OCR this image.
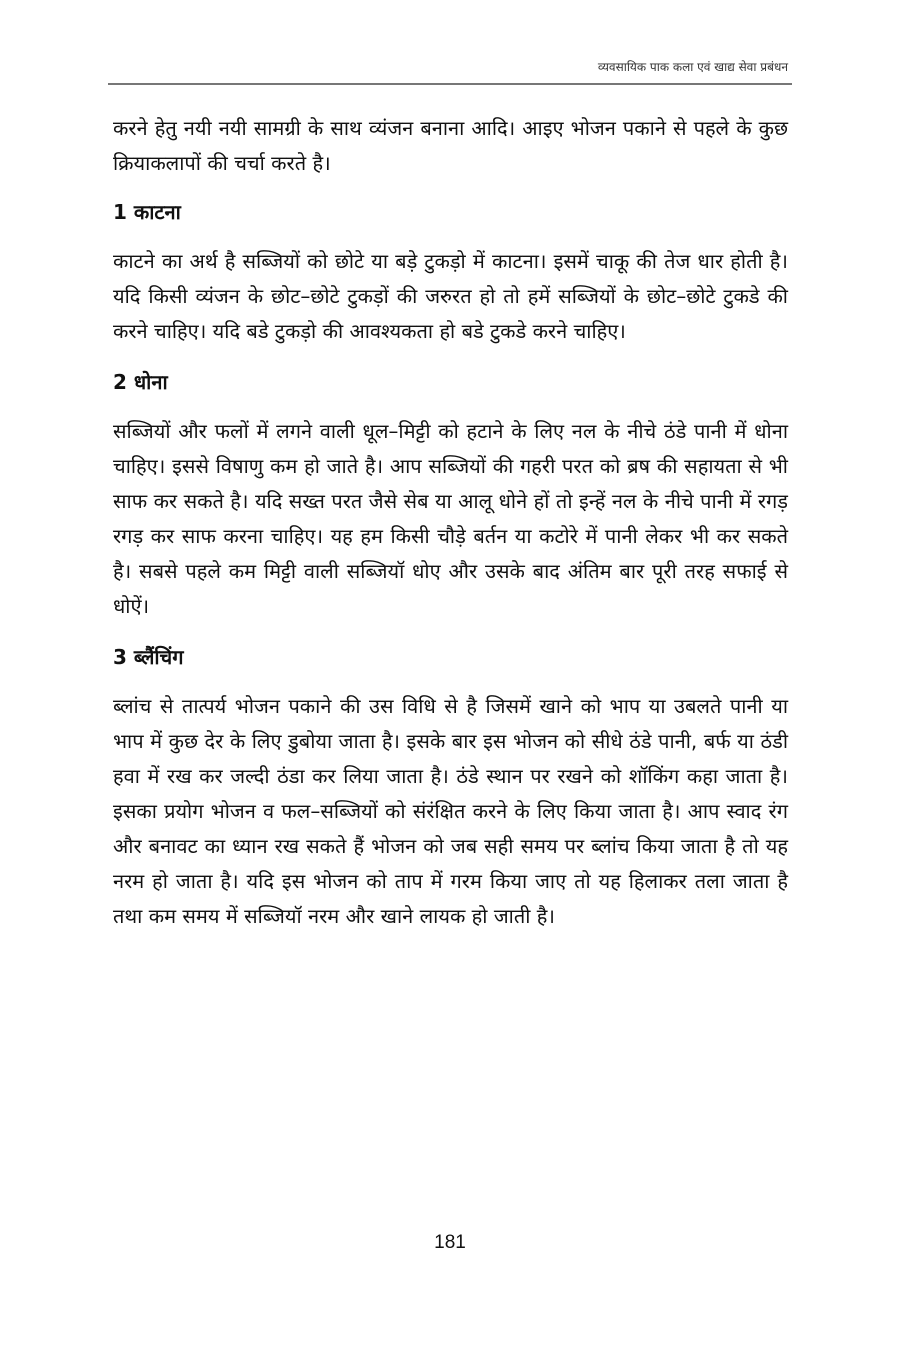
व्यवसायिक पाक कला एवं खाद्य सेवा प्रबंधन

करने हेतु नयी नयी सामग्री के साथ व्यंजन बनाना आदि। आइए भोजन पकाने से पहले के कुछ क्रियाकलापों की चर्चा करते है।

1 काटना

काटने का अर्थ है सब्जियों को छोटे या बड़े टुकड़ो में काटना। इसमें चाकू की तेज धार होती है। यदि किसी व्यंजन के छोट–छोटे टुकड़ों की जरुरत हो तो हमें सब्जियों के छोट–छोटे टुकडे की करने चाहिए। यदि बडे टुकड़ो की आवश्यकता हो बडे टुकडे करने चाहिए।

2 धोना

सब्जियों और फलों में लगने वाली धूल–मिट्टी को हटाने के लिए नल के नीचे ठंडे पानी में धोना चाहिए। इससे विषाणु कम हो जाते है। आप सब्जियों की गहरी परत को ब्रष की सहायता से भी साफ कर सकते है। यदि सख्त परत जैसे सेब या आलू धोने हों तो इन्हें नल के नीचे पानी में रगड़ रगड़ कर साफ करना चाहिए। यह हम किसी चौड़े बर्तन या कटोरे में पानी लेकर भी कर सकते है। सबसे पहले कम मिट्टी वाली सब्जियॉ धोए और उसके बाद अंतिम बार पूरी तरह सफाई से धोऐं।

3 ब्लैंचिंग

ब्लांच से तात्पर्य भोजन पकाने की उस विधि से है जिसमें खाने को भाप या उबलते पानी या भाप में कुछ देर के लिए डुबोया जाता है। इसके बार इस भोजन को सीधे ठंडे पानी, बर्फ या ठंडी हवा में रख कर जल्दी ठंडा कर लिया जाता है। ठंडे स्थान पर रखने को शॉकिंग कहा जाता है। इसका प्रयोग भोजन व फल–सब्जियों को संरंक्षित करने के लिए किया जाता है। आप स्वाद रंग और बनावट का ध्यान रख सकते हैं भोजन को जब सही समय पर ब्लांच किया जाता है तो यह नरम हो जाता है। यदि इस भोजन को ताप में गरम किया जाए तो यह हिलाकर तला जाता है तथा कम समय में सब्जियॉ नरम और खाने लायक हो जाती है।

181
